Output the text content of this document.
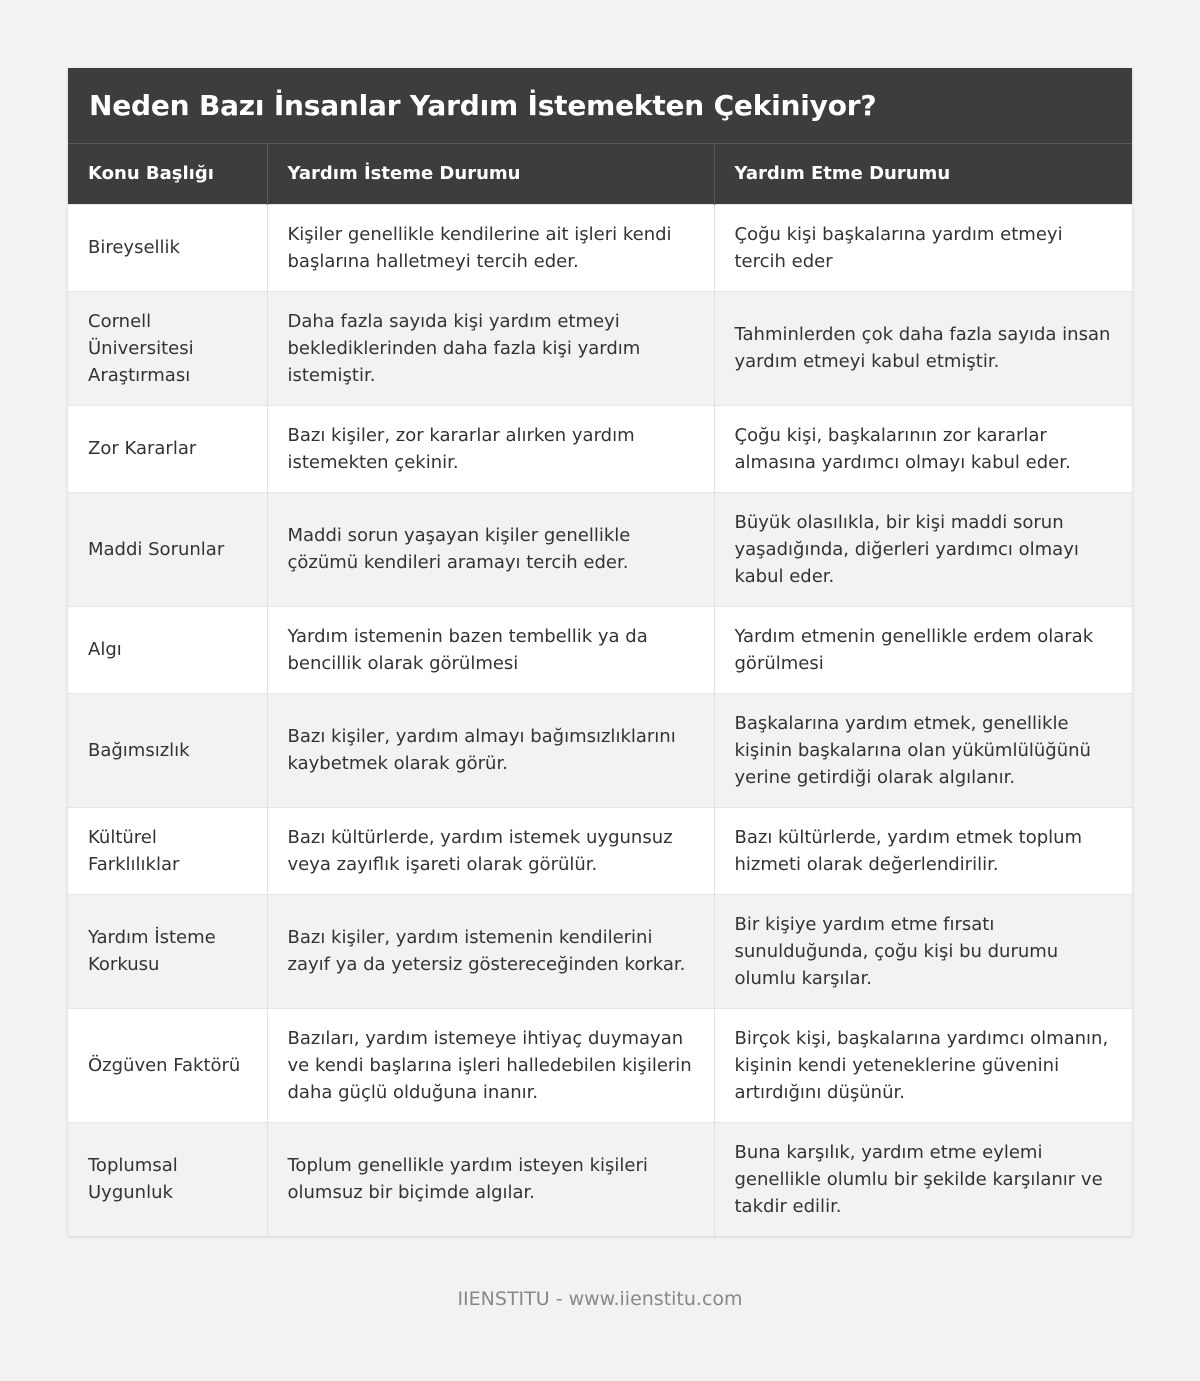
Neden Bazı İnsanlar Yardım İstemekten Çekiniyor?
Konu Başlığı	Yardım İsteme Durumu	Yardım Etme Durumu
Bireysellik	Kişiler genellikle kendilerine ait işleri kendi başlarına halletmeyi tercih eder.	Çoğu kişi başkalarına yardım etmeyi tercih eder
Cornell Üniversitesi Araştırması	Daha fazla sayıda kişi yardım etmeyi beklediklerinden daha fazla kişi yardım istemiştir.	Tahminlerden çok daha fazla sayıda insan yardım etmeyi kabul etmiştir.
Zor Kararlar	Bazı kişiler, zor kararlar alırken yardım istemekten çekinir.	Çoğu kişi, başkalarının zor kararlar almasına yardımcı olmayı kabul eder.
Maddi Sorunlar	Maddi sorun yaşayan kişiler genellikle çözümü kendileri aramayı tercih eder.	Büyük olasılıkla, bir kişi maddi sorun yaşadığında, diğerleri yardımcı olmayı kabul eder.
Algı	Yardım istemenin bazen tembellik ya da bencillik olarak görülmesi	Yardım etmenin genellikle erdem olarak görülmesi
Bağımsızlık	Bazı kişiler, yardım almayı bağımsızlıklarını kaybetmek olarak görür.	Başkalarına yardım etmek, genellikle kişinin başkalarına olan yükümlülüğünü yerine getirdiği olarak algılanır.
Kültürel Farklılıklar	Bazı kültürlerde, yardım istemek uygunsuz veya zayıflık işareti olarak görülür.	Bazı kültürlerde, yardım etmek toplum hizmeti olarak değerlendirilir.
Yardım İsteme Korkusu	Bazı kişiler, yardım istemenin kendilerini zayıf ya da yetersiz göstereceğinden korkar.	Bir kişiye yardım etme fırsatı sunulduğunda, çoğu kişi bu durumu olumlu karşılar.
Özgüven Faktörü	Bazıları, yardım istemeye ihtiyaç duymayan ve kendi başlarına işleri halledebilen kişilerin daha güçlü olduğuna inanır.	Birçok kişi, başkalarına yardımcı olmanın, kişinin kendi yeteneklerine güvenini artırdığını düşünür.
Toplumsal Uygunluk	Toplum genellikle yardım isteyen kişileri olumsuz bir biçimde algılar.	Buna karşılık, yardım etme eylemi genellikle olumlu bir şekilde karşılanır ve takdir edilir.
IIENSTITU - www.iienstitu.com
